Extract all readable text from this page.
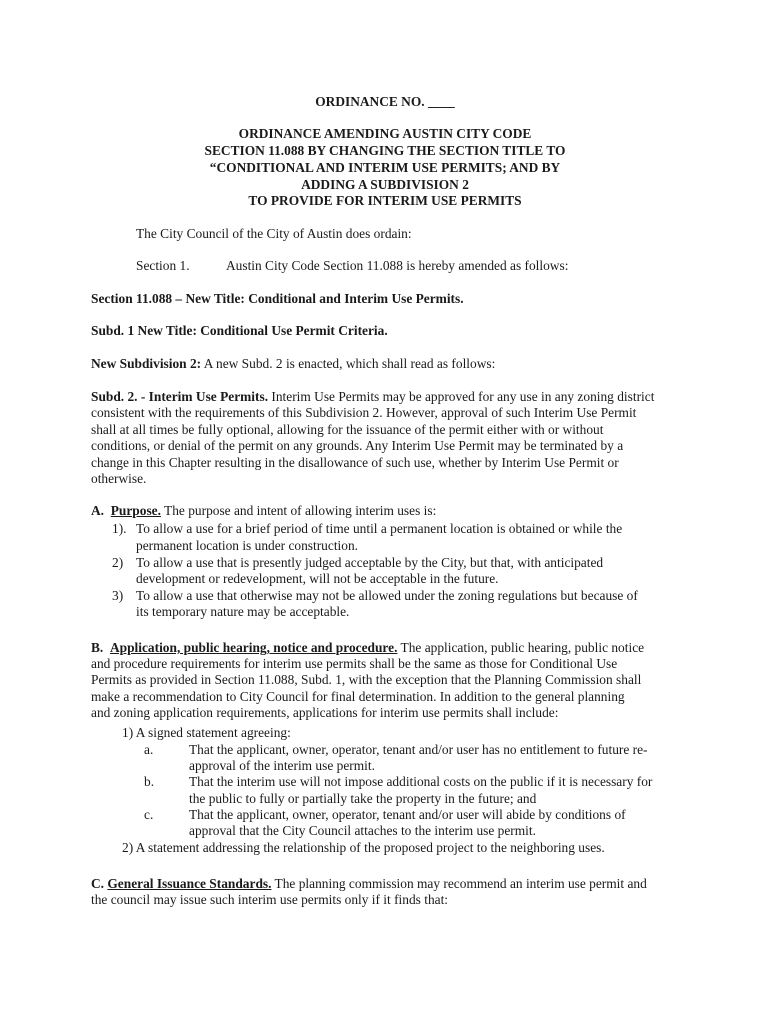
ORDINANCE NO. ____
ORDINANCE AMENDING AUSTIN CITY CODE
SECTION 11.088 BY CHANGING THE SECTION TITLE TO
“CONDITIONAL AND INTERIM USE PERMITS; AND BY
ADDING A SUBDIVISION 2
TO PROVIDE FOR INTERIM USE PERMITS
The City Council of the City of Austin does ordain:
Section 1.	Austin City Code Section 11.088 is hereby amended as follows:
Section 11.088 – New Title: Conditional and Interim Use Permits.
Subd. 1 New Title: Conditional Use Permit Criteria.
New Subdivision 2: A new Subd. 2 is enacted, which shall read as follows:
Subd. 2. - Interim Use Permits. Interim Use Permits may be approved for any use in any zoning district
consistent with the requirements of this Subdivision 2. However, approval of such Interim Use Permit
shall at all times be fully optional, allowing for the issuance of the permit either with or without
conditions, or denial of the permit on any grounds. Any Interim Use Permit may be terminated by a
change in this Chapter resulting in the disallowance of such use, whether by Interim Use Permit or
otherwise.
A. Purpose. The purpose and intent of allowing interim uses is:
1). To allow a use for a brief period of time until a permanent location is obtained or while the
permanent location is under construction.
2) To allow a use that is presently judged acceptable by the City, but that, with anticipated
development or redevelopment, will not be acceptable in the future.
3) To allow a use that otherwise may not be allowed under the zoning regulations but because of
its temporary nature may be acceptable.
B. Application, public hearing, notice and procedure. The application, public hearing, public notice
and procedure requirements for interim use permits shall be the same as those for Conditional Use
Permits as provided in Section 11.088, Subd. 1, with the exception that the Planning Commission shall
make a recommendation to City Council for final determination. In addition to the general planning
and zoning application requirements, applications for interim use permits shall include:
1) A signed statement agreeing:
a.	That the applicant, owner, operator, tenant and/or user has no entitlement to future re-
approval of the interim use permit.
b.	That the interim use will not impose additional costs on the public if it is necessary for
the public to fully or partially take the property in the future; and
c.	That the applicant, owner, operator, tenant and/or user will abide by conditions of
approval that the City Council attaches to the interim use permit.
2) A statement addressing the relationship of the proposed project to the neighboring uses.
C. General Issuance Standards. The planning commission may recommend an interim use permit and
the council may issue such interim use permits only if it finds that:
